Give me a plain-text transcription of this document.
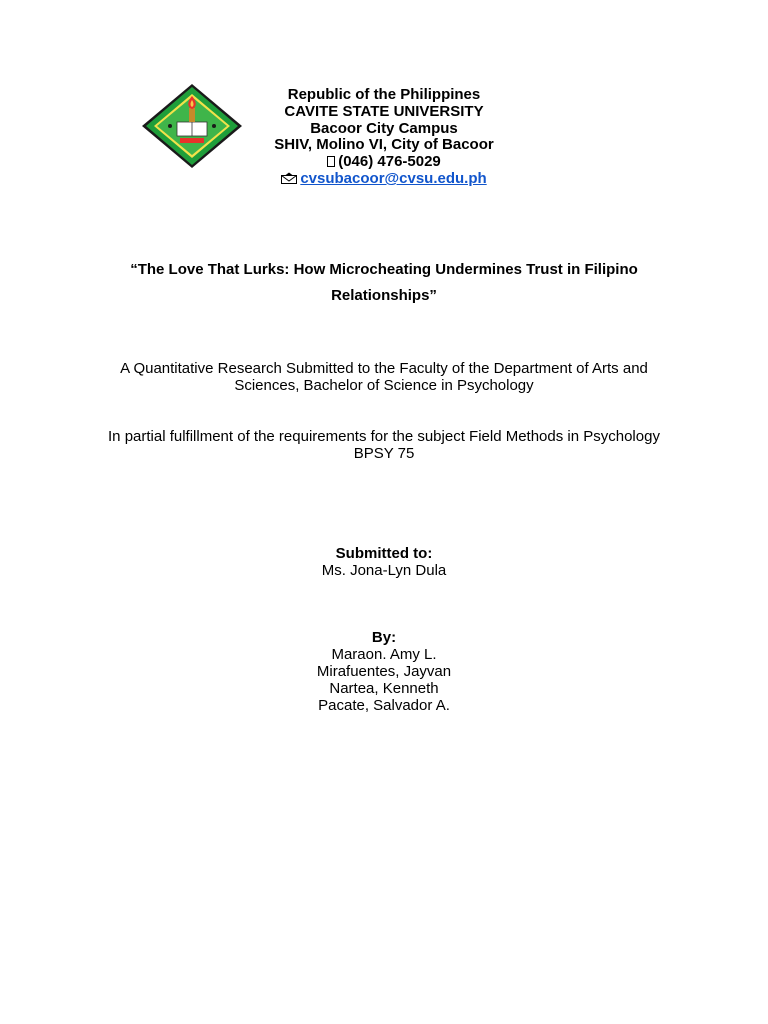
Republic of the Philippines
CAVITE STATE UNIVERSITY
Bacoor City Campus
SHIV, Molino VI, City of Bacoor
(046) 476-5029
cvsubacoor@cvsu.edu.ph
“The Love That Lurks: How Microcheating Undermines Trust in Filipino
Relationships”
A Quantitative Research Submitted to the Faculty of the Department of Arts and
Sciences, Bachelor of Science in Psychology
In partial fulfillment of the requirements for the subject Field Methods in Psychology
BPSY 75
Submitted to:
Ms. Jona-Lyn Dula
By:
Maraon. Amy L.
Mirafuentes, Jayvan
Nartea, Kenneth
Pacate, Salvador A.
